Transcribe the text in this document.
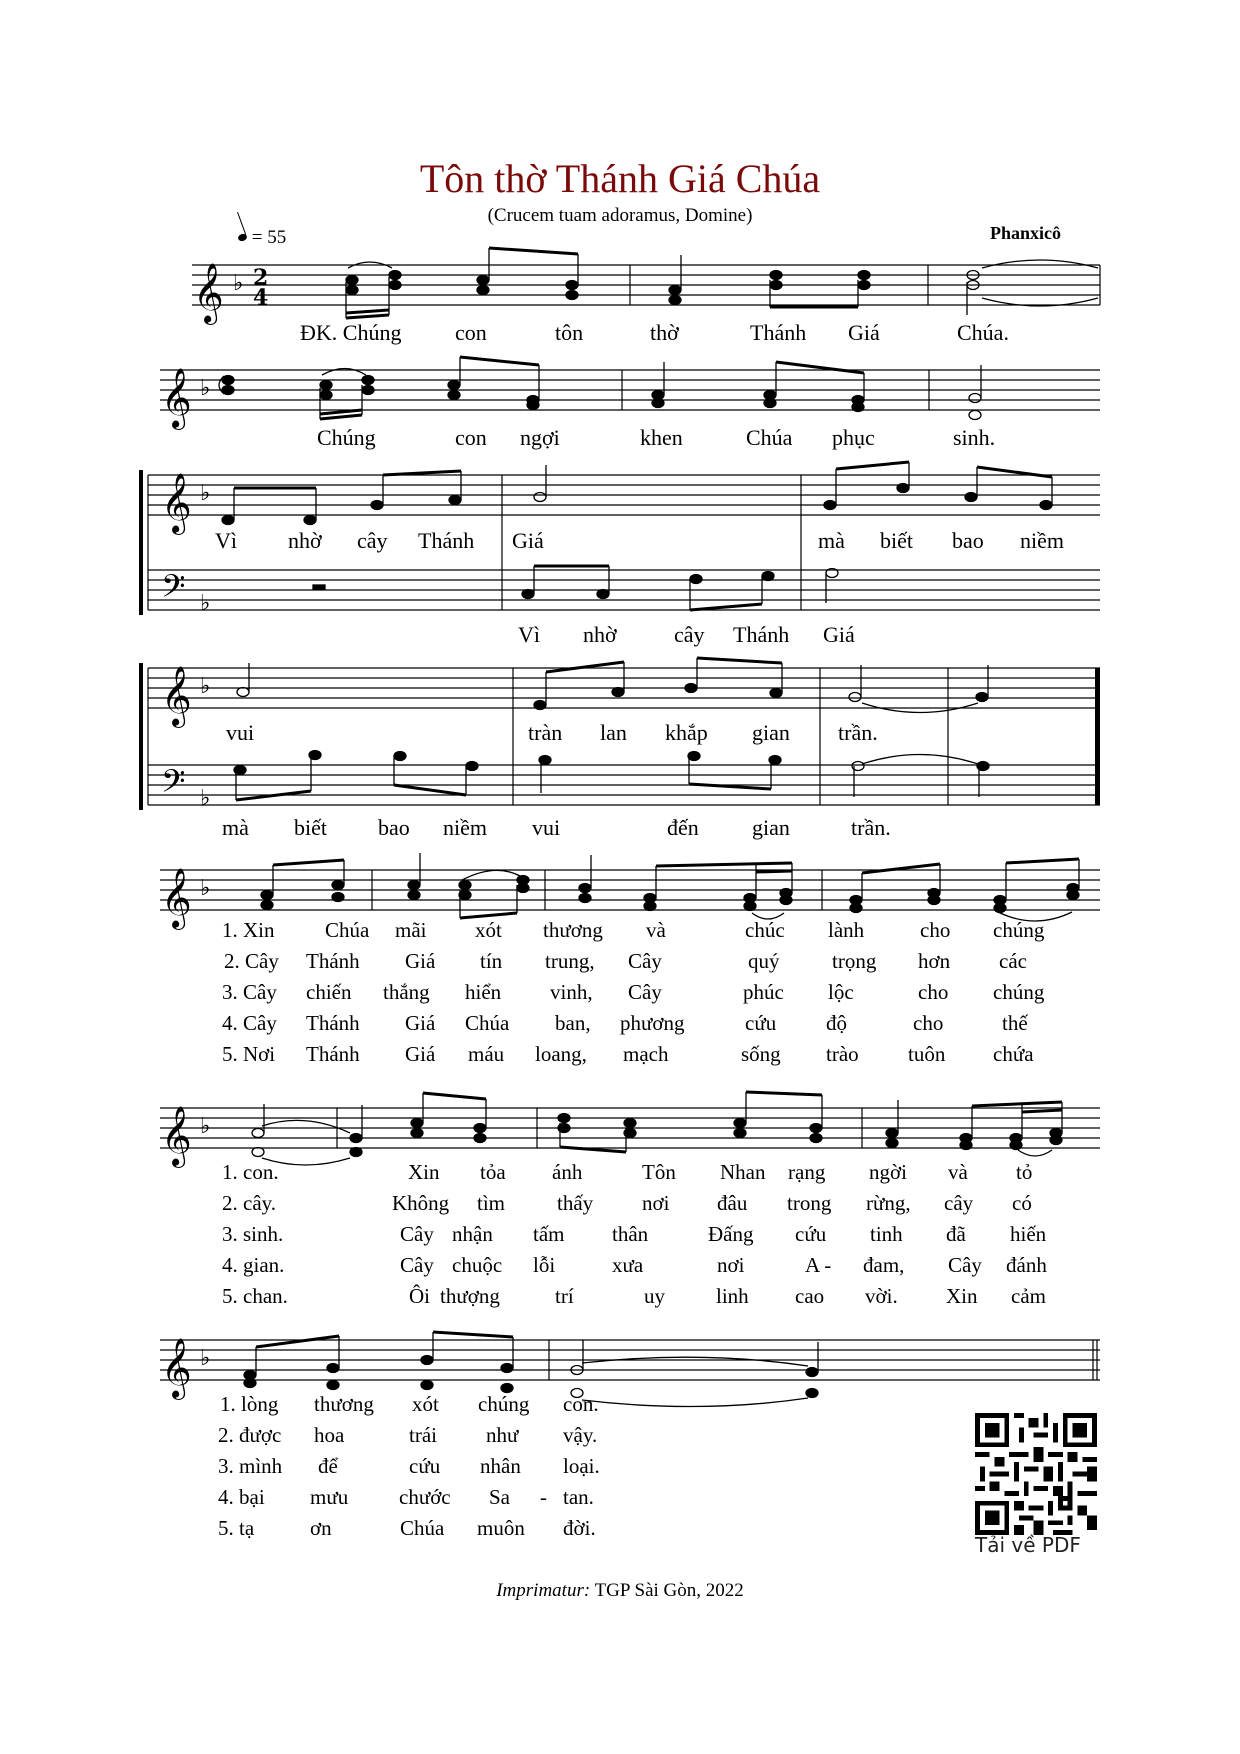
Tôn thờ Thánh Giá Chúa
(Crucem tuam adoramus, Domine)
Phanxicô
= 55
𝄞
𝄞
𝄞
𝄢
𝄞
𝄢
𝄞
𝄞
𝄞
♭
♭
♭
♭
♭
♭
♭
♭
♭
2
4
ĐK. Chúng con	tôn	thờ	Thánh Giá	Chúa.
Chúng	con ngợi	khen	Chúa phục	sinh.
Vì nhờ cây Thánh Giá	mà biết bao niềm
Vì nhờ	cây Thánh Giá
vui	tràn lan khắp gian trần.
mà biết bao niềm vui	đến gian	trần.
1. Xin Chúa mãi xót thương và	chúc lành	cho chúng
2. Cây Thánh Giá tín trung, Cây	quý	trọng hơn các
3. Cây chiến thắng hiển vinh, Cây	phúc lộc	cho chúng
4. Cây Thánh Giá Chúa ban, phương	cứu độ	cho	thế
5. Nơi Thánh Giá máu loang, mạch	sống trào tuôn chứa
1. con.	Xin tỏa ánh	Tôn Nhan rạng ngời và tỏ
2. cây.	Không tìm thấy nơi đâu trong rừng, cây có
3. sinh.	Cây nhận tấm thân	Đấng cứu tinh đã hiến
4. gian.	Cây chuộc lỗi	xưa	nơi	A - đam, Cây đánh
5. chan.	Ôi thượng	trí	uy linh cao vời. Xin cảm
1. lòng thương xót chúng con.
2. được hoa	trái như vậy.
3. mình để	cứu nhân loại.
4. bại mưu chước Sa - tan.
5. tạ	ơn	Chúa muôn đời.
Tải về PDF
Imprimatur: TGP Sài Gòn, 2022
